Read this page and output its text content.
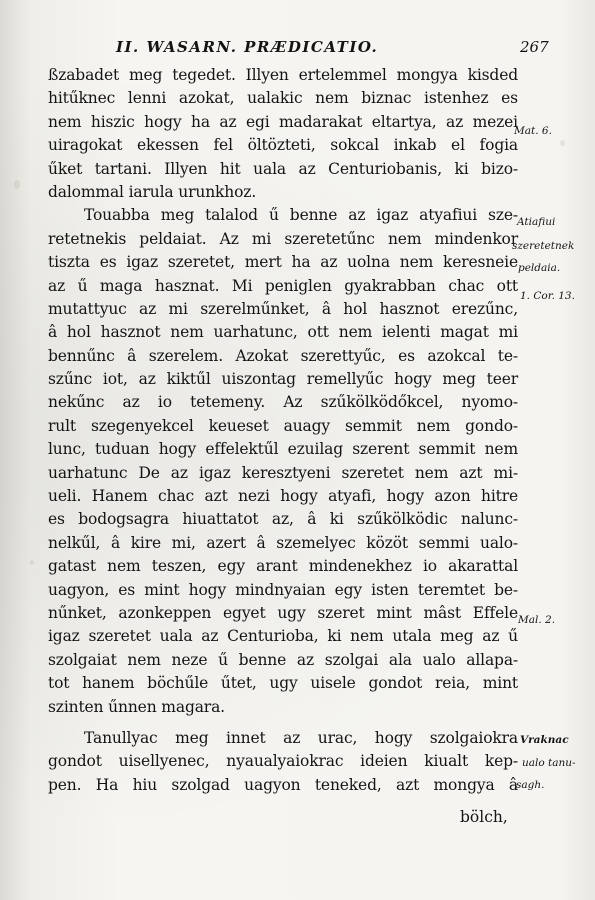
II. WASARN. PRÆDICATIO.	267
ßzabadet meg tegedet. Illyen ertelemmel mongya kisded
hitűknec lenni azokat, ualakic nem biznac istenhez es
nem hiszic hogy ha az egi madarakat eltartya, az mezei
uiragokat ekessen fel öltözteti, sokcal inkab el fogia
űket tartani. Illyen hit uala az Centuriobanis, ki bizo-
dalommal iarula urunkhoz.
Touabba meg talalod ű benne az igaz atyafiui sze-
retetnekis peldaiat. Az mi szeretetűnc nem mindenkor
tiszta es igaz szeretet, mert ha az uolna nem keresneie
az ű maga hasznat. Mi peniglen gyakrabban chac ott
mutattyuc az mi szerelműnket, â hol hasznot erezűnc,
â hol hasznot nem uarhatunc, ott nem ielenti magat mi
bennűnc â szerelem. Azokat szerettyűc, es azokcal te-
szűnc iot, az kiktűl uiszontag remellyűc hogy meg teer
nekűnc az io tetemeny. Az szűkölködőkcel, nyomo-
rult szegenyekcel keueset auagy semmit nem gondo-
lunc, tuduan hogy effelektűl ezuilag szerent semmit nem
uarhatunc De az igaz keresztyeni szeretet nem azt mi-
ueli. Hanem chac azt nezi hogy atyafi, hogy azon hitre
es bodogsagra hiuattatot az, â ki szűkölködic nalunc-
nelkűl, â kire mi, azert â szemelyec közöt semmi ualo-
gatast nem teszen, egy arant mindenekhez io akarattal
uagyon, es mint hogy mindnyaian egy isten teremtet be-
nűnket, azonkeppen egyet ugy szeret mint mâst Effele
igaz szeretet uala az Centurioba, ki nem utala meg az ű
szolgaiat nem neze ű benne az szolgai ala ualo allapa-
tot hanem böchűle űtet, ugy uisele gondot reia, mint
szinten űnnen magara.
Tanullyac meg innet az urac, hogy szolgaiokra
gondot uisellyenec, nyaualyaiokrac ideien kiualt kep-
pen. Ha hiu szolgad uagyon teneked, azt mongya â
Mat. 6.
Atiafiui
szeretetnek
peldaia.
1. Cor. 13.
Mal. 2.
Vraknac
ualo tanu-
sagh.
bölch,
